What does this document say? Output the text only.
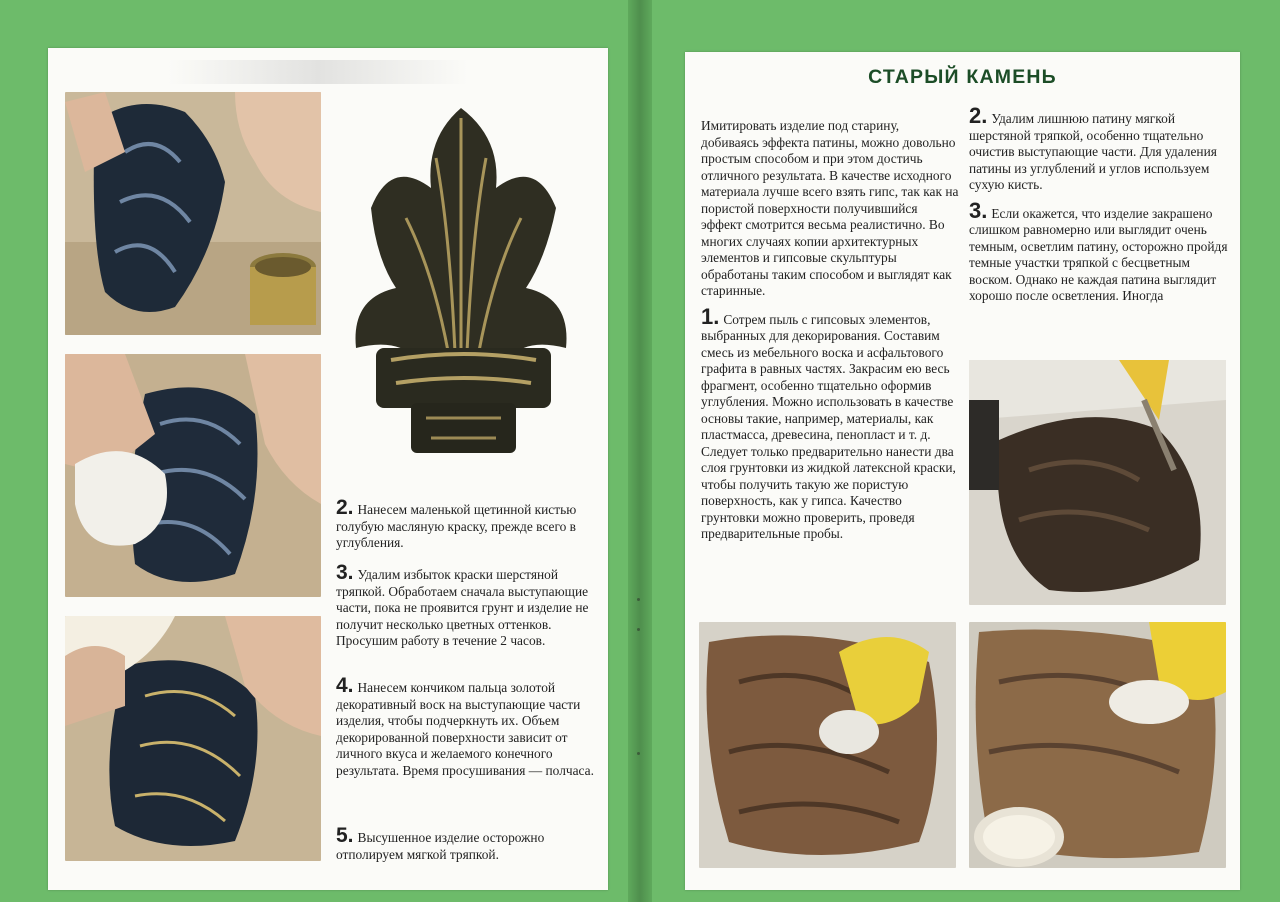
2. Нанесем маленькой щетинной кистью голубую масляную краску, прежде всего в углубления.
3. Удалим избыток краски шерстяной тряпкой. Обработаем сначала выступающие части, пока не проявится грунт и изделие не получит несколько цветных оттенков. Просушим работу в течение 2 часов.
4. Нанесем кончиком пальца золотой декоративный воск на выступающие части изделия, чтобы подчеркнуть их. Объем декорированной поверхности зависит от личного вкуса и желаемого конечного результата. Время просушивания — полчаса.
5. Высушенное изделие осторожно отполируем мягкой тряпкой.
СТАРЫЙ КАМЕНЬ

Имитировать изделие под старину, добиваясь эффекта патины, можно довольно простым способом и при этом достичь отличного результата. В качестве исходного материала лучше всего взять гипс, так как на пористой поверхности получившийся эффект смотрится весьма реалистично. Во многих случаях копии архитектурных элементов и гипсовые скульптуры обработаны таким способом и выглядят как старинные.

1. Сотрем пыль с гипсовых элементов, выбранных для декорирования. Составим смесь из мебельного воска и асфальтового графита в равных частях. Закрасим ею весь фрагмент, особенно тщательно оформив углубления. Можно использовать в качестве основы такие, например, материалы, как пластмасса, древесина, пенопласт и т. д. Следует только предварительно нанести два слоя грунтовки из жидкой латексной краски, чтобы получить такую же пористую поверхность, как у гипса. Качество грунтовки можно проверить, проведя предварительные пробы.

2. Удалим лишнюю патину мягкой шерстяной тряпкой, особенно тщательно очистив выступающие части. Для удаления патины из углублений и углов используем сухую кисть.

3. Если окажется, что изделие закрашено слишком равномерно или выглядит очень темным, осветлим патину, осторожно пройдя темные участки тряпкой с бесцветным воском. Однако не каждая патина выглядит хорошо после осветления. Иногда
